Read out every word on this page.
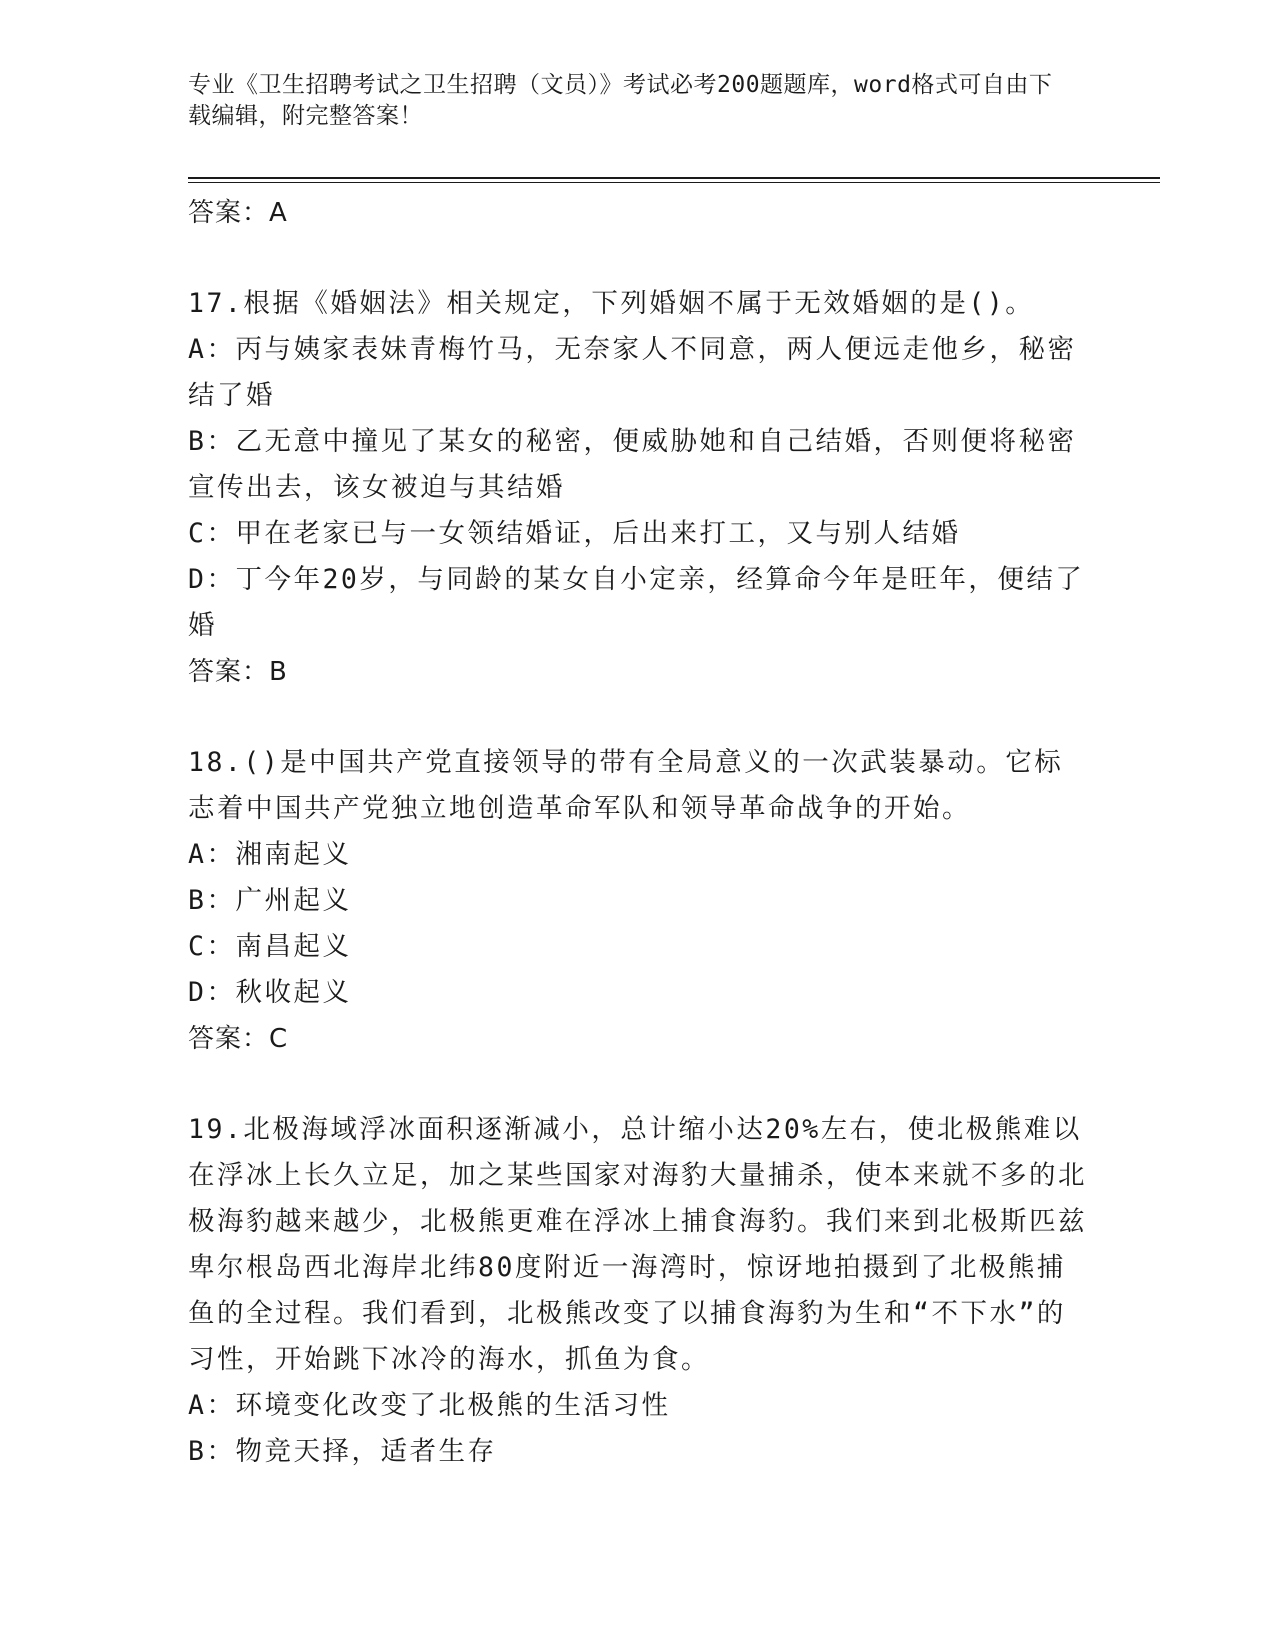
专业《卫生招聘考试之卫生招聘（文员）》考试必考200题题库，word格式可自由下载编辑，附完整答案！
答案：A
17.根据《婚姻法》相关规定，下列婚姻不属于无效婚姻的是()。
A：丙与姨家表妹青梅竹马，无奈家人不同意，两人便远走他乡，秘密结了婚
B：乙无意中撞见了某女的秘密，便威胁她和自己结婚，否则便将秘密宣传出去，该女被迫与其结婚
C：甲在老家已与一女领结婚证，后出来打工，又与别人结婚
D：丁今年20岁，与同龄的某女自小定亲，经算命今年是旺年，便结了婚
答案：B
18.()是中国共产党直接领导的带有全局意义的一次武装暴动。它标志着中国共产党独立地创造革命军队和领导革命战争的开始。
A：湘南起义
B：广州起义
C：南昌起义
D：秋收起义
答案：C
19.北极海域浮冰面积逐渐减小，总计缩小达20%左右，使北极熊难以在浮冰上长久立足，加之某些国家对海豹大量捕杀，使本来就不多的北极海豹越来越少，北极熊更难在浮冰上捕食海豹。我们来到北极斯匹兹卑尔根岛西北海岸北纬80度附近一海湾时，惊讶地拍摄到了北极熊捕鱼的全过程。我们看到，北极熊改变了以捕食海豹为生和“不下水”的习性，开始跳下冰冷的海水，抓鱼为食。
A：环境变化改变了北极熊的生活习性
B：物竞天择，适者生存
